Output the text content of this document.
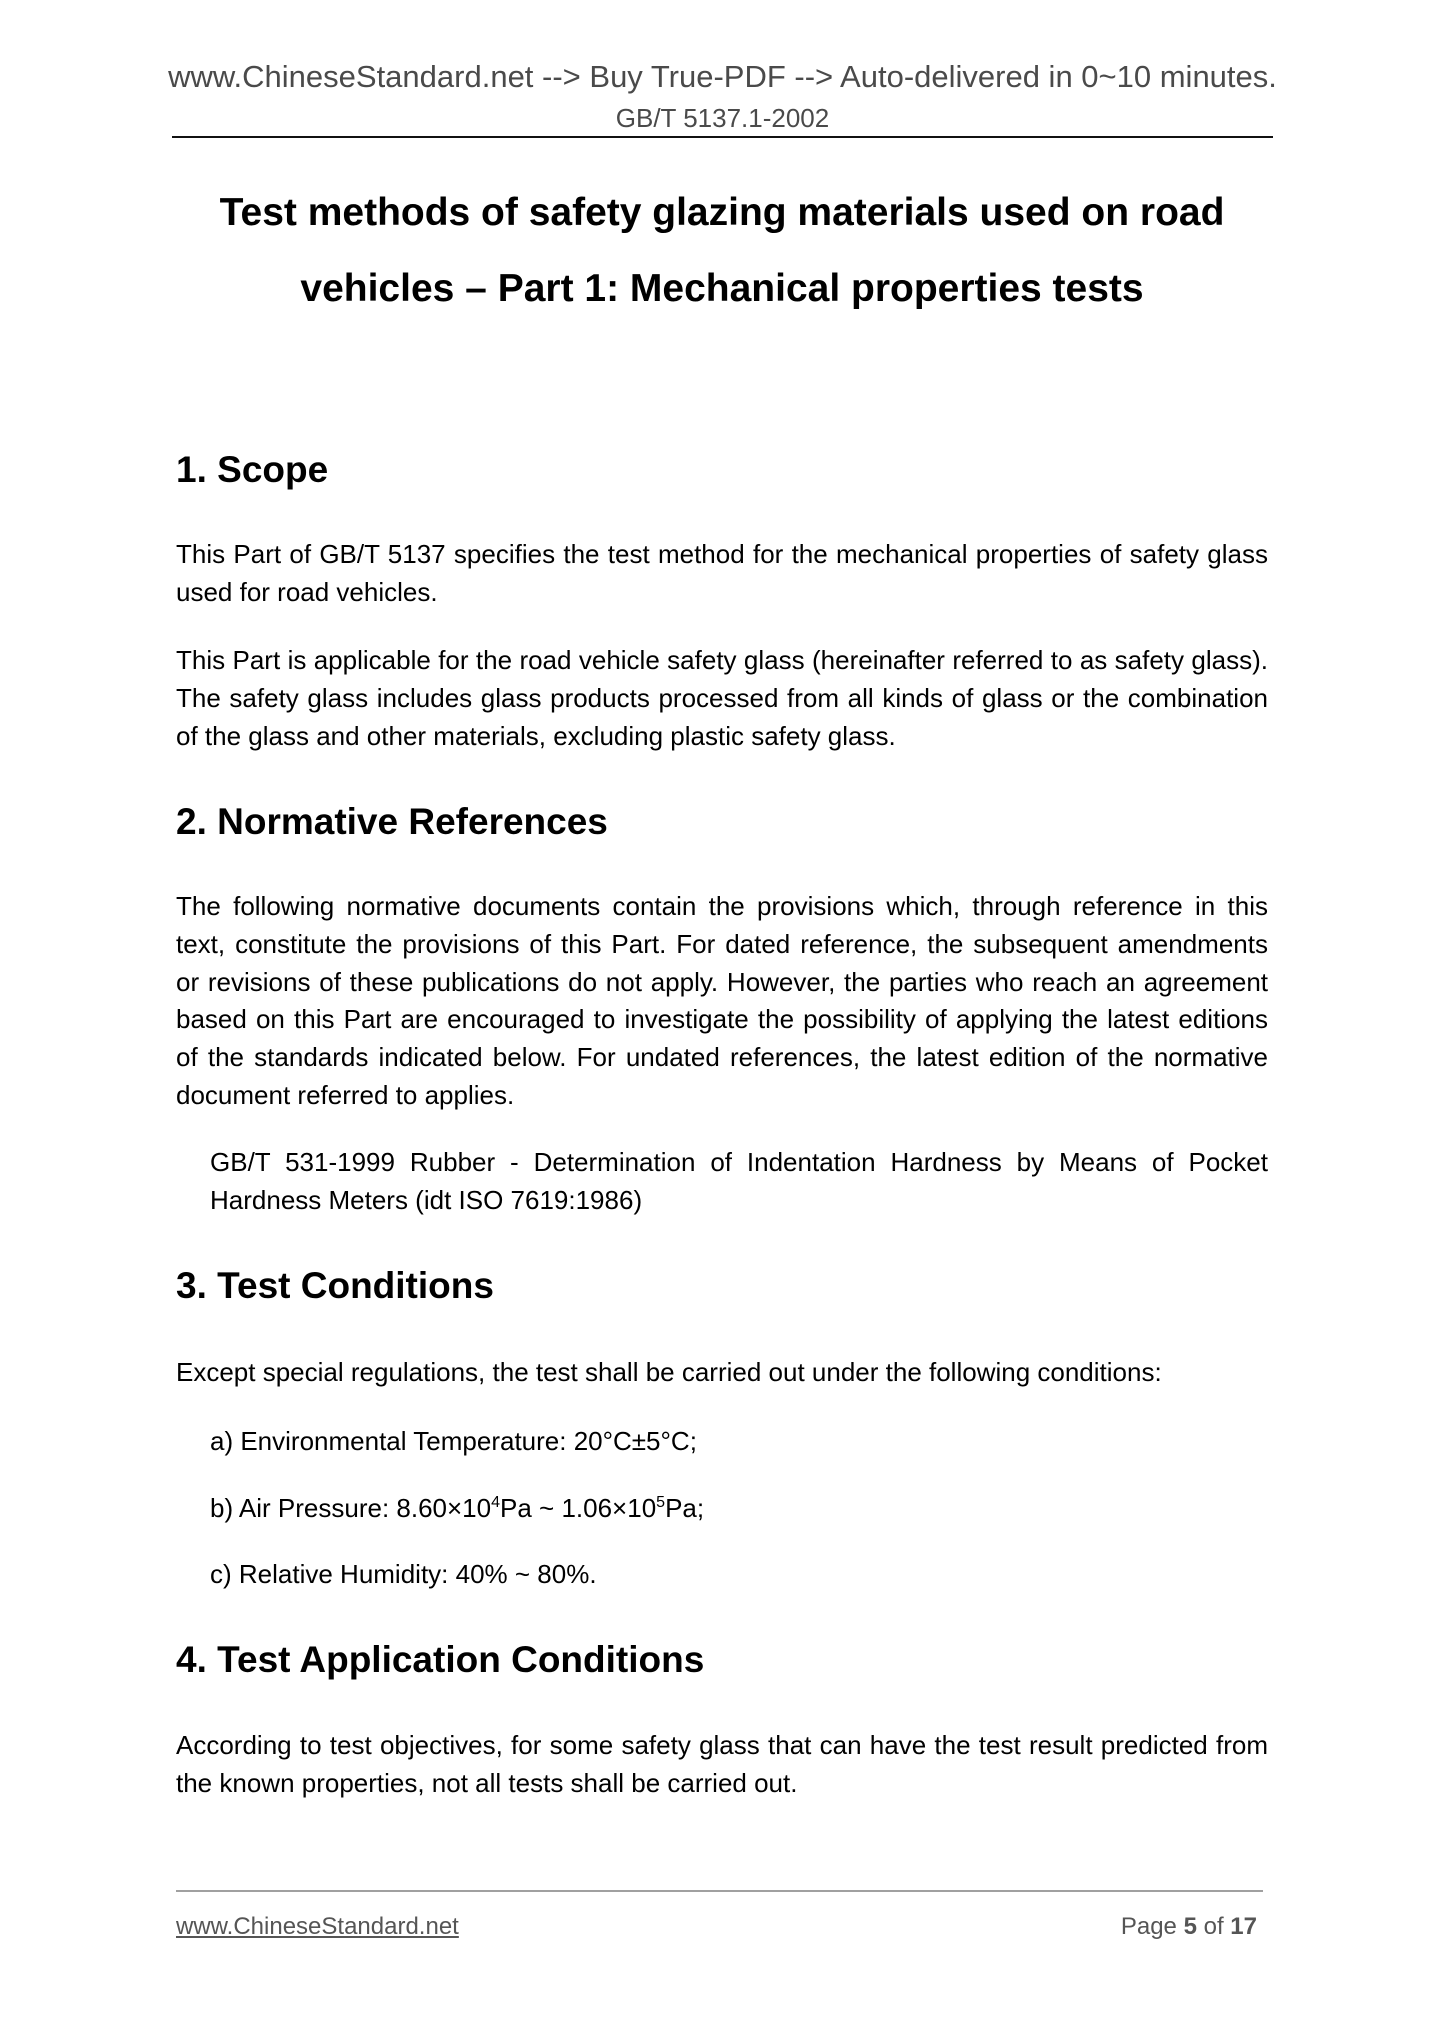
www.ChineseStandard.net --> Buy True-PDF --> Auto-delivered in 0~10 minutes.
GB/T 5137.1-2002
Test methods of safety glazing materials used on road
vehicles – Part 1: Mechanical properties tests
1. Scope
This Part of GB/T 5137 specifies the test method for the mechanical properties of safety glass
used for road vehicles.
This Part is applicable for the road vehicle safety glass (hereinafter referred to as safety glass).
The safety glass includes glass products processed from all kinds of glass or the combination
of the glass and other materials, excluding plastic safety glass.
2. Normative References
The following normative documents contain the provisions which, through reference in this
text, constitute the provisions of this Part. For dated reference, the subsequent amendments
or revisions of these publications do not apply. However, the parties who reach an agreement
based on this Part are encouraged to investigate the possibility of applying the latest editions
of the standards indicated below. For undated references, the latest edition of the normative
document referred to applies.
GB/T 531-1999 Rubber - Determination of Indentation Hardness by Means of Pocket
Hardness Meters (idt ISO 7619:1986)
3. Test Conditions
Except special regulations, the test shall be carried out under the following conditions:
a) Environmental Temperature: 20°C±5°C;
b) Air Pressure: $8.60\times 10^4Pa$ ~ $1.06\times 10^5Pa$;
c) Relative Humidity: 40% ~ 80%.
4. Test Application Conditions
According to test objectives, for some safety glass that can have the test result predicted from
the known properties, not all tests shall be carried out.
www.ChineseStandard.net	Page 5 of 17
